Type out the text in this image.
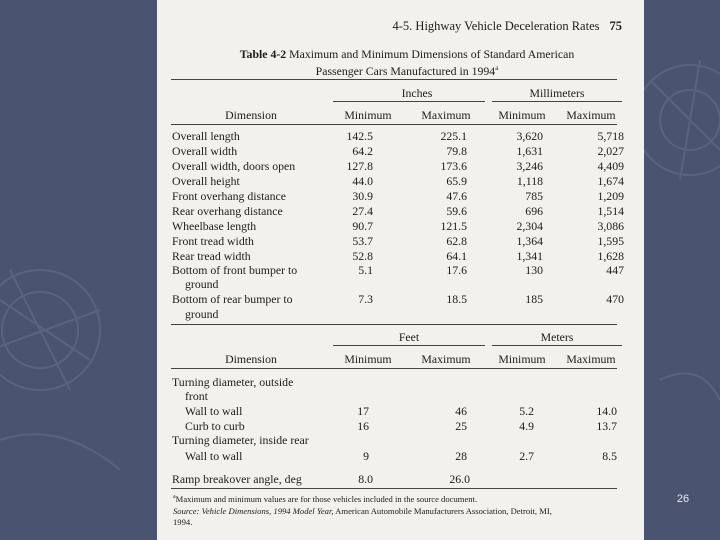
26
4-5. Highway Vehicle Deceleration Rates 75
Table 4-2 Maximum and Minimum Dimensions of Standard American
Passenger Cars Manufactured in 1994$^a$
Inches	Millimeters
Dimension	Minimum	Maximum	Minimum	Maximum
Overall length	142.5	225.1	3,620	5,718
Overall width	64.2	79.8	1,631	2,027
Overall width, doors open	127.8	173.6	3,246	4,409
Overall height	44.0	65.9	1,118	1,674
Front overhang distance	30.9	47.6	785	1,209
Rear overhang distance	27.4	59.6	696	1,514
Wheelbase length	90.7	121.5	2,304	3,086
Front tread width	53.7	62.8	1,364	1,595
Rear tread width	52.8	64.1	1,341	1,628
Bottom of front bumper to	5.1	17.6	130	447
ground
Bottom of rear bumper to	7.3	18.5	185	470
ground
Feet	Meters
Dimension	Minimum	Maximum	Minimum	Maximum
Turning diameter, outside
front
Wall to wall	17	46	5.2	14.0
Curb to curb	16	25	4.9	13.7
Turning diameter, inside rear
Wall to wall	9	28	2.7	8.5
Ramp breakover angle, deg	8.0	26.0
$^a$Maximum and minimum values are for those vehicles included in the source document.
Source: Vehicle Dimensions, 1994 Model Year, American Automobile Manufacturers Association, Detroit, MI,
1994.
